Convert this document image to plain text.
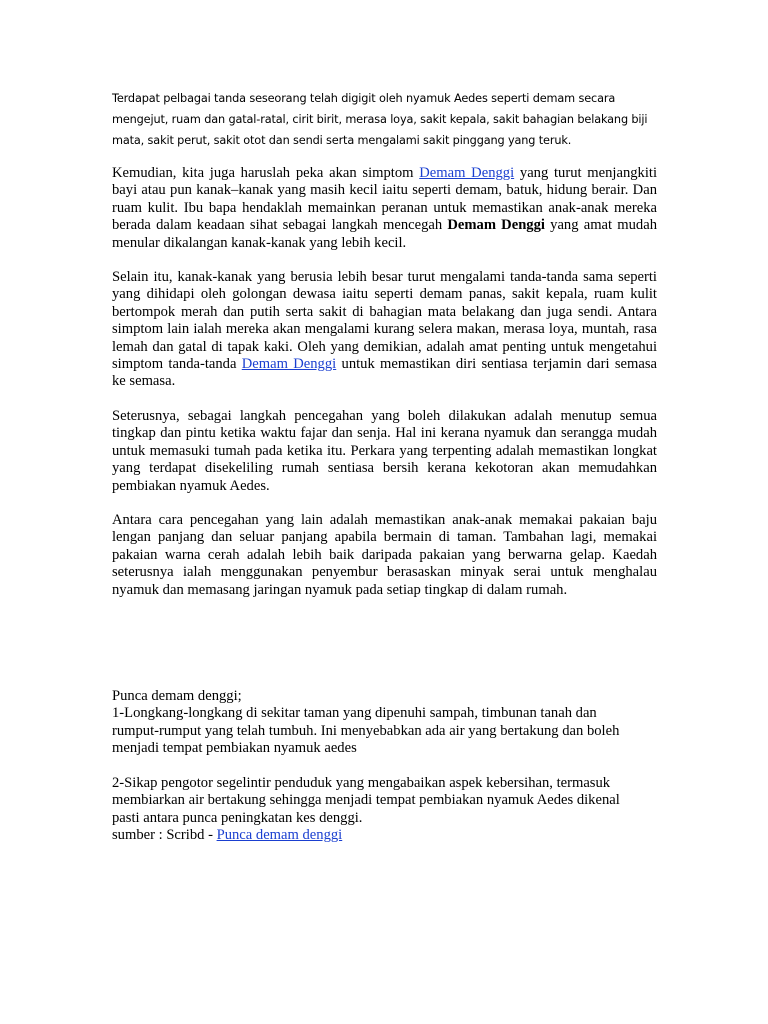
Terdapat pelbagai tanda seseorang telah digigit oleh nyamuk Aedes seperti demam secara mengejut, ruam dan gatal-ratal, cirit birit, merasa loya, sakit kepala, sakit bahagian belakang biji mata, sakit perut, sakit otot dan sendi serta mengalami sakit pinggang yang teruk.

Kemudian, kita juga haruslah peka akan simptom Demam Denggi yang turut menjangkiti bayi atau pun kanak–kanak yang masih kecil iaitu seperti demam, batuk, hidung berair. Dan ruam kulit. Ibu bapa hendaklah memainkan peranan untuk memastikan anak-anak mereka berada dalam keadaan sihat sebagai langkah mencegah Demam Denggi yang amat mudah menular dikalangan kanak-kanak yang lebih kecil.

Selain itu, kanak-kanak yang berusia lebih besar turut mengalami tanda-tanda sama seperti yang dihidapi oleh golongan dewasa iaitu seperti demam panas, sakit kepala, ruam kulit bertompok merah dan putih serta sakit di bahagian mata belakang dan juga sendi. Antara simptom lain ialah mereka akan mengalami kurang selera makan, merasa loya, muntah, rasa lemah dan gatal di tapak kaki. Oleh yang demikian, adalah amat penting untuk mengetahui simptom tanda-tanda Demam Denggi untuk memastikan diri sentiasa terjamin dari semasa ke semasa.

Seterusnya, sebagai langkah pencegahan yang boleh dilakukan adalah menutup semua tingkap dan pintu ketika waktu fajar dan senja. Hal ini kerana nyamuk dan serangga mudah untuk memasuki tumah pada ketika itu. Perkara yang terpenting adalah memastikan longkat yang terdapat disekeliling rumah sentiasa bersih kerana kekotoran akan memudahkan pembiakan nyamuk Aedes.

Antara cara pencegahan yang lain adalah memastikan anak-anak memakai pakaian baju lengan panjang dan seluar panjang apabila bermain di taman. Tambahan lagi, memakai pakaian warna cerah adalah lebih baik daripada pakaian yang berwarna gelap. Kaedah seterusnya ialah menggunakan penyembur berasaskan minyak serai untuk menghalau nyamuk dan memasang jaringan nyamuk pada setiap tingkap di dalam rumah.

Punca demam denggi;
1-Longkang-longkang di sekitar taman yang dipenuhi sampah, timbunan tanah dan
rumput-rumput yang telah tumbuh. Ini menyebabkan ada air yang bertakung dan boleh
menjadi tempat pembiakan nyamuk aedes
2-Sikap pengotor segelintir penduduk yang mengabaikan aspek kebersihan, termasuk
membiarkan air bertakung sehingga menjadi tempat pembiakan nyamuk Aedes dikenal
pasti antara punca peningkatan kes denggi.
sumber : Scribd - Punca demam denggi
